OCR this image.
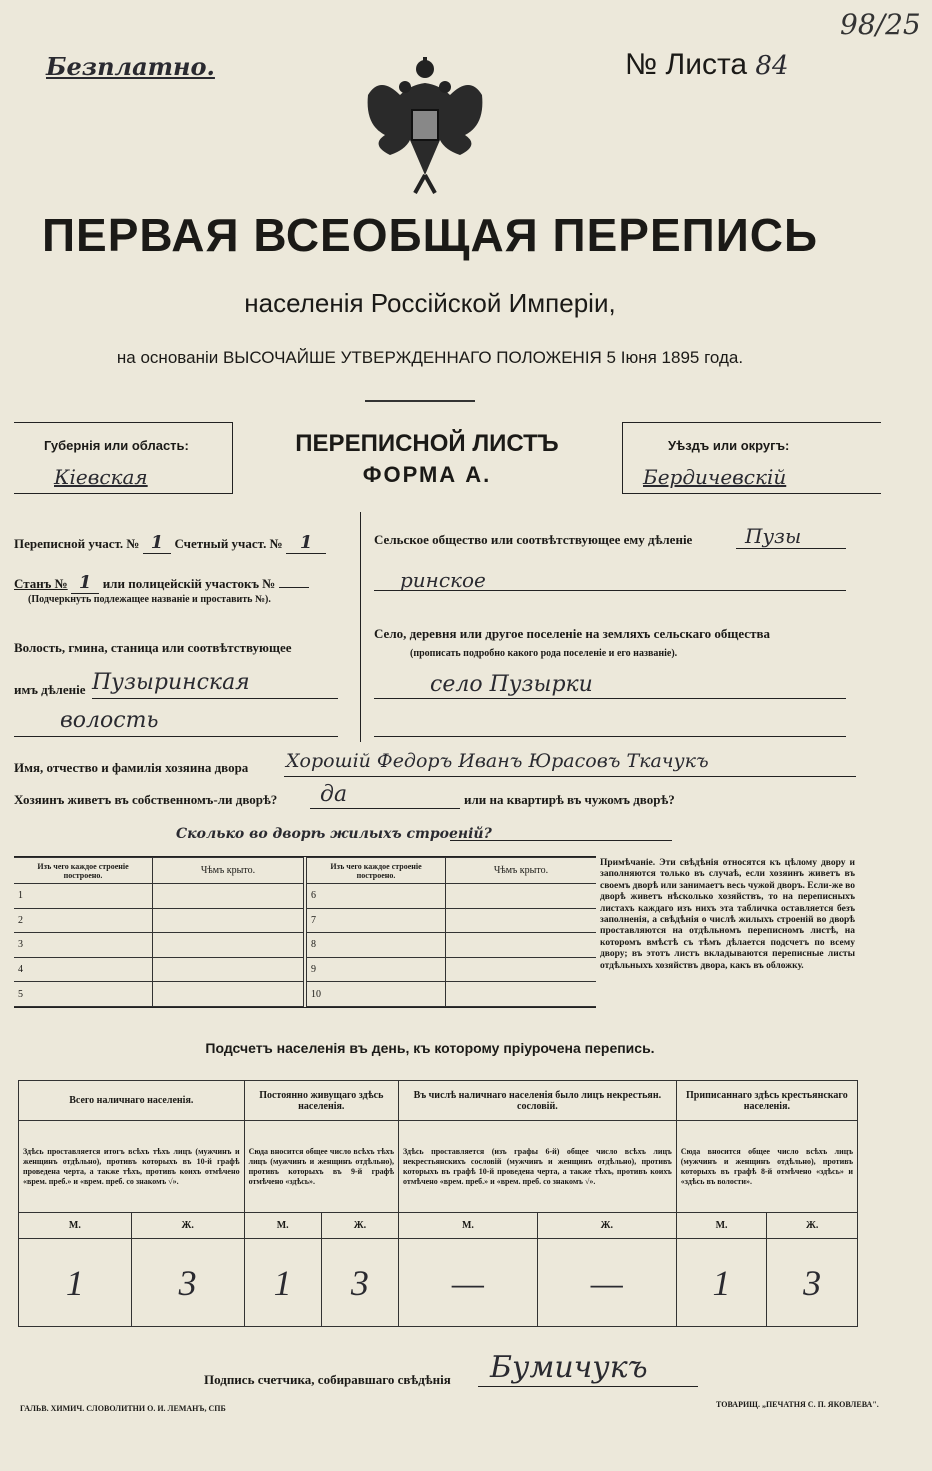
Безплатно.	№ Листа 84
98/25
ПЕРВАЯ ВСЕОБЩАЯ ПЕРЕПИСЬ
населенія Россійской Имперіи,
на основаніи ВЫСОЧАЙШЕ УТВЕРЖДЕННАГО ПОЛОЖЕНІЯ 5 Іюня 1895 года.
Губернія или область:
Кіевская
ПЕРЕПИСНОЙ ЛИСТЪ
ФОРМА А.
Уѣздъ или округъ:
Бердичевскій
Переписной участ. № 1 Счетный участ. № 1
Станъ № 1 или полицейскій участокъ №
(Подчеркнуть подлежащее названіе и проставить №).
Волость, гмина, станица или соотвѣтствующее
имъ дѣленіе Пузыринская
волость
Сельское общество или соотвѣтствующее ему дѣленіе	Пузы
ринское
Село, деревня или другое поселеніе на земляхъ сельскаго общества
(прописать подробно какого рода поселеніе и его названіе).
село Пузырки
Имя, отчество и фамилія хозяина двора Хорошій Федоръ Иванъ Юрасовъ Ткачукъ
Хозяинъ живетъ въ собственномъ-ли дворѣ? да	или на квартирѣ въ чужомъ дворѣ?
Сколько во дворѣ жилыхъ строеній?
Изъ чего каждое строеніе построено.	Чѣмъ крыто.
1	
2	
3	
4	
5	
Изъ чего каждое строеніе построено.	Чѣмъ крыто.
6	
7	
8	
9	
10	
Примѣчаніе. Эти свѣдѣнія относятся къ цѣлому двору и заполняются только въ случаѣ, если хозяинъ живетъ въ своемъ дворѣ или занимаетъ весь чужой дворъ. Если-же во дворѣ живетъ нѣсколько хозяйствъ, то на переписныхъ листахъ каждаго изъ нихъ эта табличка оставляется безъ заполненія, а свѣдѣнія о числѣ жилыхъ строеній во дворѣ проставляются на отдѣльномъ переписномъ листѣ, на которомъ вмѣстѣ съ тѣмъ дѣлается подсчетъ по всему двору; въ этотъ листъ вкладываются переписные листы отдѣльныхъ хозяйствъ двора, какъ въ обложку.
Подсчетъ населенія въ день, къ которому пріурочена перепись.
Всего наличнаго населенія.		Постоянно живущаго здѣсь населенія.		Въ числѣ наличнаго населенія было лицъ некрестьян. сословій.		Приписаннаго здѣсь крестьянскаго населенія.	
Здѣсь проставляется итогъ всѣхъ тѣхъ лицъ (мужчинъ и женщинъ отдѣльно), противъ которыхъ въ 10-й графѣ проведена черта, а также тѣхъ, противъ коихъ отмѣчено «врем. преб.» и «врем. преб. со знакомъ √».		Сюда вносится общее число всѣхъ тѣхъ лицъ (мужчинъ и женщинъ отдѣльно), противъ которыхъ въ 9-й графѣ отмѣчено «здѣсь».		Здѣсь проставляется (изъ графы 6-й) общее число всѣхъ лицъ некрестьянскихъ сословій (мужчинъ и женщинъ отдѣльно), противъ которыхъ въ графѣ 10-й проведена черта, а также тѣхъ, противъ коихъ отмѣчено «врем. преб.» и «врем. преб. со знакомъ √».		Сюда вносится общее число всѣхъ лицъ (мужчинъ и женщинъ отдѣльно), противъ которыхъ въ графѣ 8-й отмѣчено «здѣсь» и «здѣсь въ волости».	
М.	Ж.	М.	Ж.	М.	Ж.	М.	Ж.
1	3	1	3	—	—	1	3
Подпись счетчика, собиравшаго свѣдѣнія Бумичукъ
ГАЛЬВ. ХИМИЧ. СЛОВОЛИТНИ О. И. ЛЕМАНЪ, СПБ	ТОВАРИЩ. „ПЕЧАТНЯ С. П. ЯКОВЛЕВА".
